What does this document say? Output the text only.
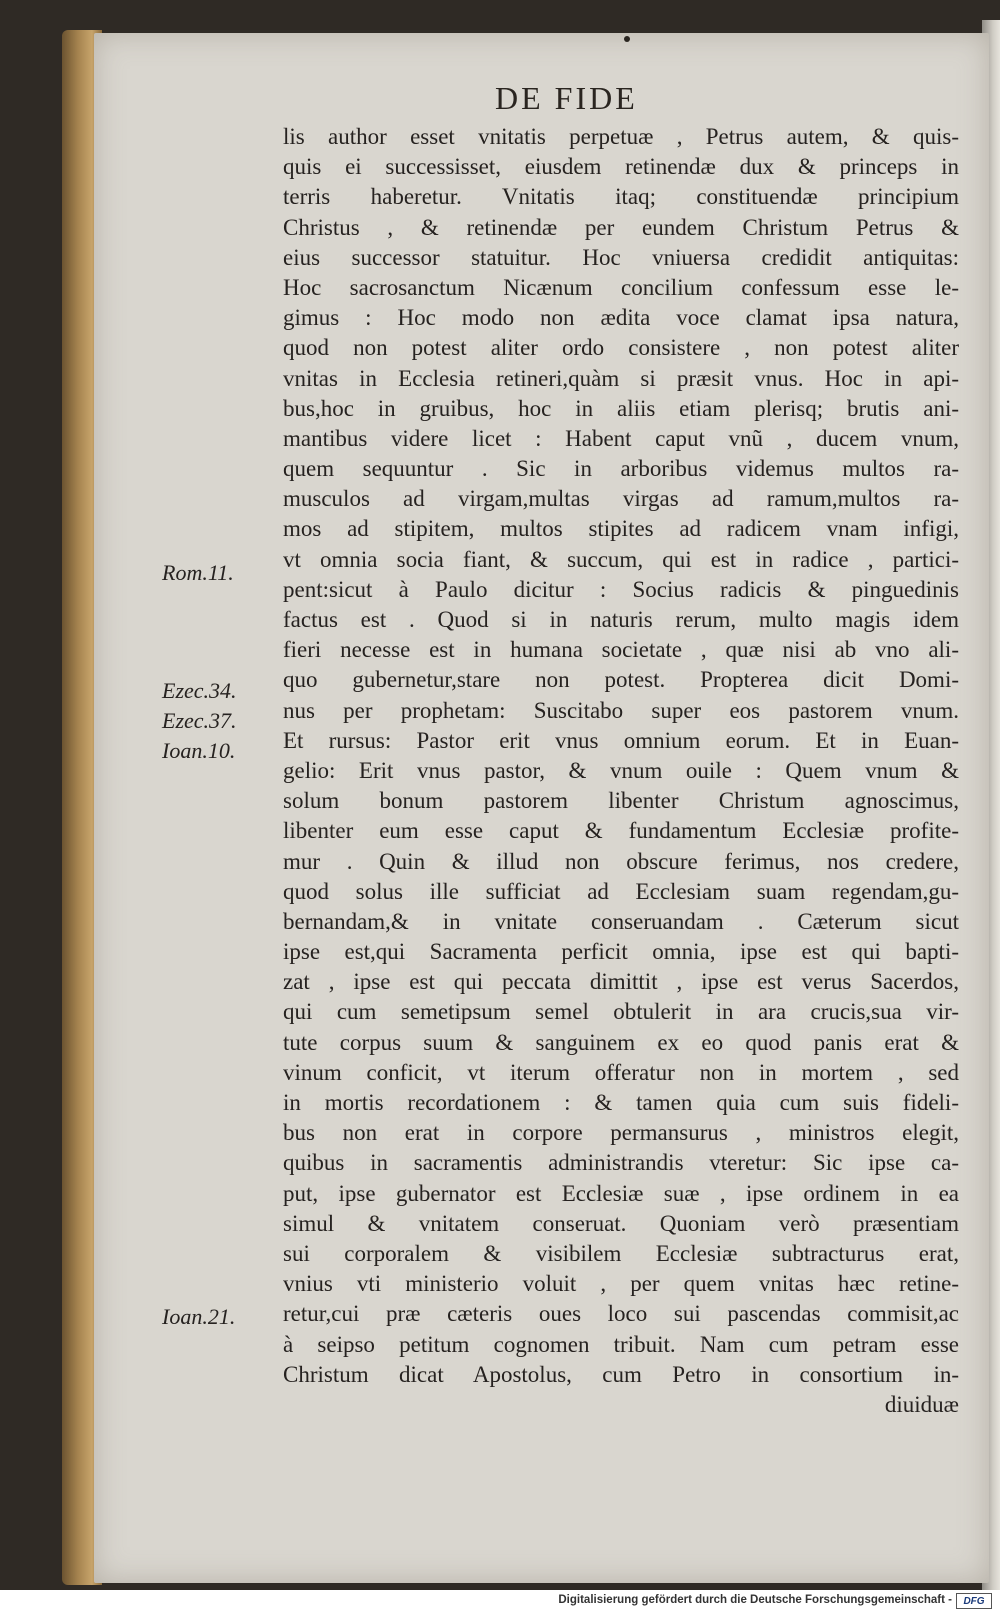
DE FIDE
lis author esset vnitatis perpetuæ , Petrus autem, & quis-
quis ei successisset, eiusdem retinendæ dux & princeps in
terris haberetur. Vnitatis itaq; constituendæ principium
Christus , & retinendæ per eundem Christum Petrus &
eius successor statuitur. Hoc vniuersa credidit antiquitas:
Hoc sacrosanctum Nicænum concilium confessum esse le-
gimus : Hoc modo non ædita voce clamat ipsa natura,
quod non potest aliter ordo consistere , non potest aliter
vnitas in Ecclesia retineri,quàm si præsit vnus. Hoc in api-
bus,hoc in gruibus, hoc in aliis etiam plerisq; brutis ani-
mantibus videre licet : Habent caput vnũ , ducem vnum,
quem sequuntur . Sic in arboribus videmus multos ra-
musculos ad virgam,multas virgas ad ramum,multos ra-
mos ad stipitem, multos stipites ad radicem vnam infigi,
vt omnia socia fiant, & succum, qui est in radice , partici-
pent:sicut à Paulo dicitur : Socius radicis & pinguedinis
factus est . Quod si in naturis rerum, multo magis idem
fieri necesse est in humana societate , quæ nisi ab vno ali-
quo gubernetur,stare non potest. Propterea dicit Domi-
nus per prophetam: Suscitabo super eos pastorem vnum.
Et rursus: Pastor erit vnus omnium eorum. Et in Euan-
gelio: Erit vnus pastor, & vnum ouile : Quem vnum &
solum bonum pastorem libenter Christum agnoscimus,
libenter eum esse caput & fundamentum Ecclesiæ profite-
mur . Quin & illud non obscure ferimus, nos credere,
quod solus ille sufficiat ad Ecclesiam suam regendam,gu-
bernandam,& in vnitate conseruandam . Cæterum sicut
ipse est,qui Sacramenta perficit omnia, ipse est qui bapti-
zat , ipse est qui peccata dimittit , ipse est verus Sacerdos,
qui cum semetipsum semel obtulerit in ara crucis,sua vir-
tute corpus suum & sanguinem ex eo quod panis erat &
vinum conficit, vt iterum offeratur non in mortem , sed
in mortis recordationem : & tamen quia cum suis fideli-
bus non erat in corpore permansurus , ministros elegit,
quibus in sacramentis administrandis vteretur: Sic ipse ca-
put, ipse gubernator est Ecclesiæ suæ , ipse ordinem in ea
simul & vnitatem conseruat. Quoniam verò præsentiam
sui corporalem & visibilem Ecclesiæ subtracturus erat,
vnius vti ministerio voluit , per quem vnitas hæc retine-
retur,cui præ cæteris oues loco sui pascendas commisit,ac
à seipso petitum cognomen tribuit. Nam cum petram esse
Christum dicat Apostolus, cum Petro in consortium in-
diuiduæ
Rom.11.
Ezec.34.
Ezec.37.
Ioan.10.
Ioan.21.
Digitalisierung gefördert durch die Deutsche Forschungsgemeinschaft -	DFG
